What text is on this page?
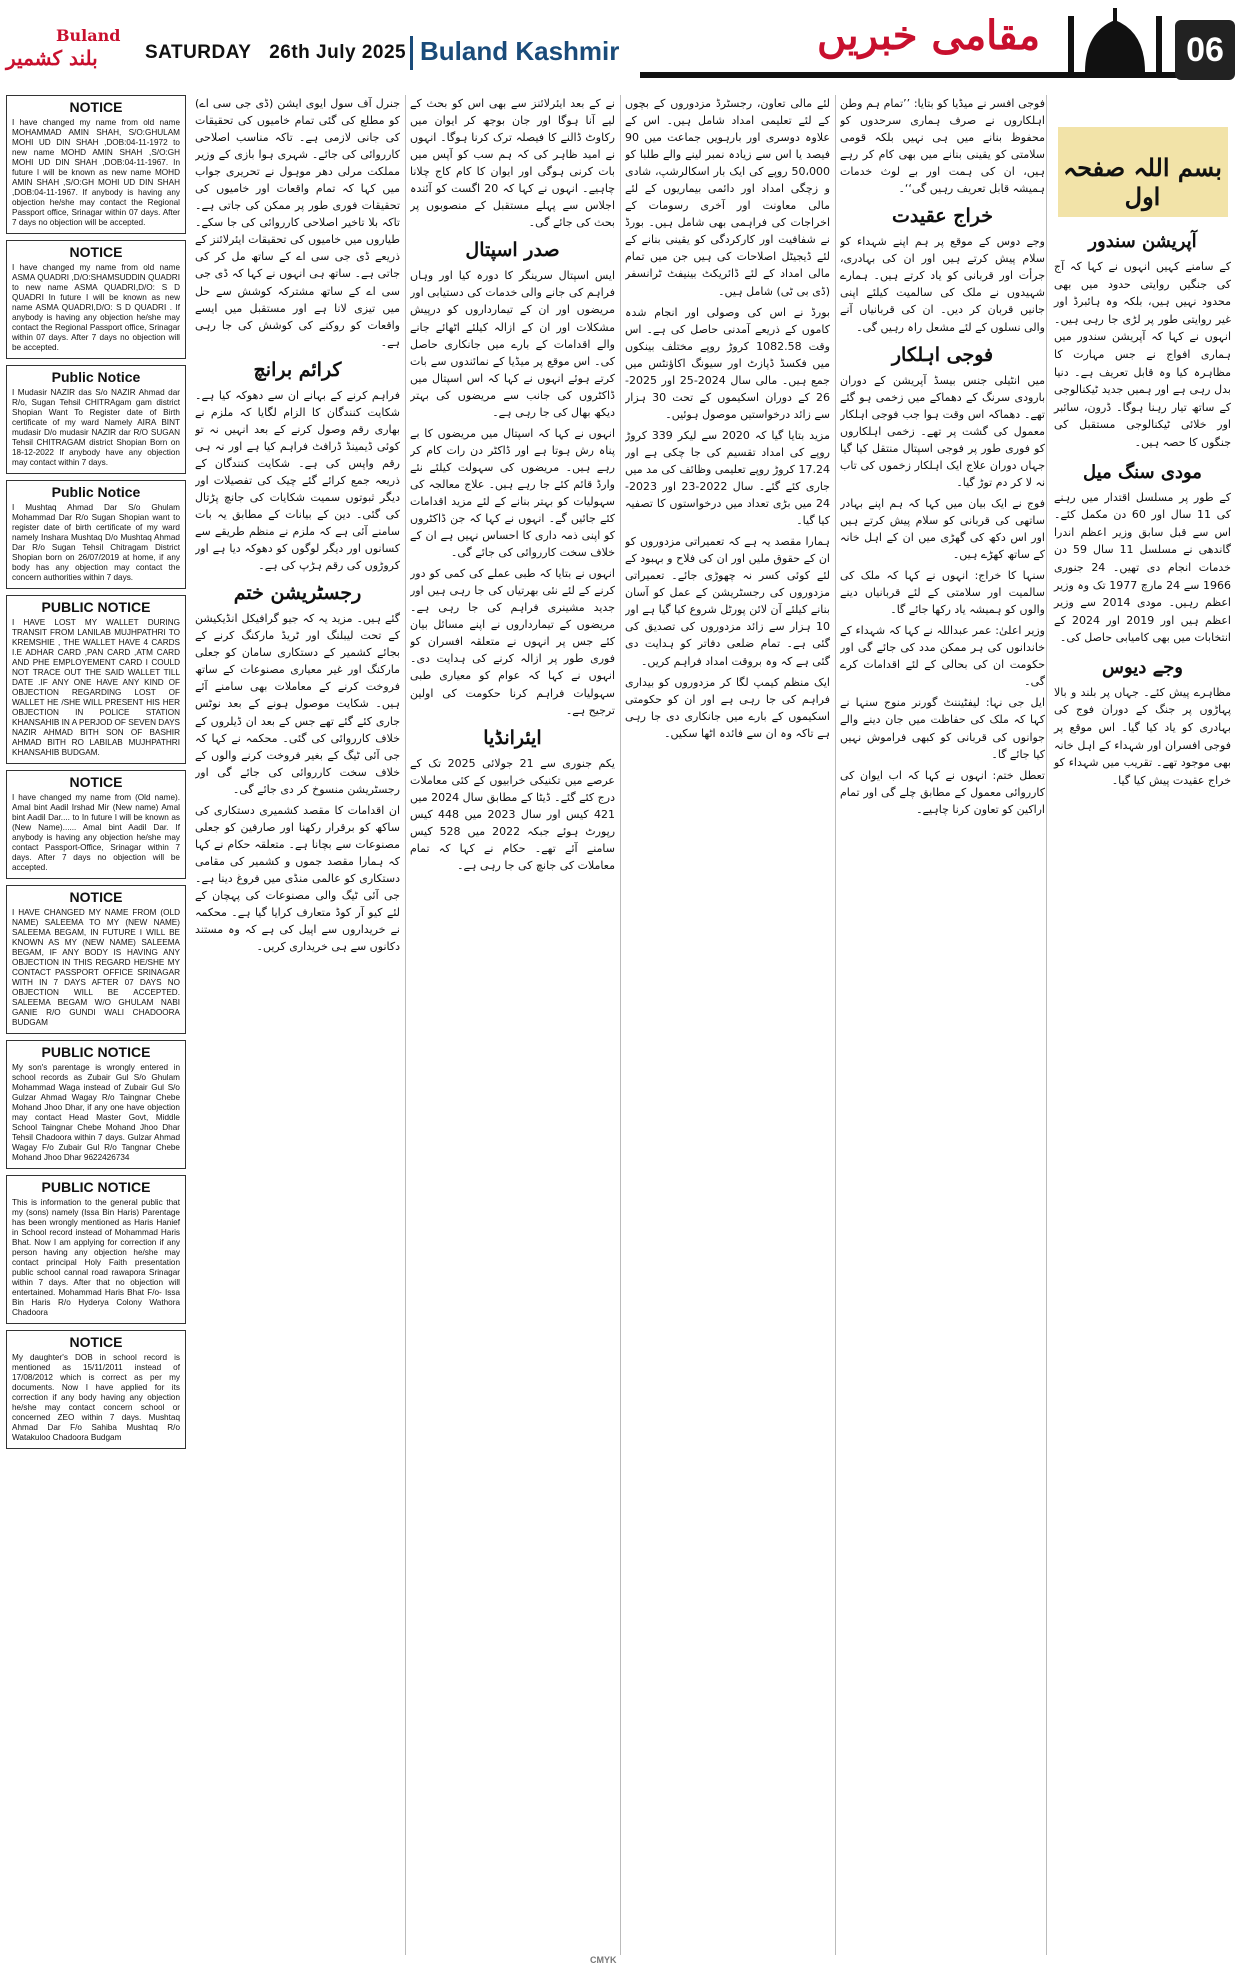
Buland
بلند کشمیر SATURDAY 26th July 2025 Buland Kashmir	مقامی خبریں	06
NOTICE

I have changed my name from old name MOHAMMAD AMIN SHAH, S/O:GHULAM MOHI UD DIN SHAH ,DOB:04-11-1972 to new name MOHD AMIN SHAH ,S/O:GH MOHI UD DIN SHAH ,DOB:04-11-1967. In future I will be known as new name MOHD AMIN SHAH ,S/O:GH MOHI UD DIN SHAH ,DOB:04-11-1967. If anybody is having any objection he/she may contact the Regional Passport office, Srinagar within 07 days. After 7 days no objection will be accepted.

NOTICE

I have changed my name from old name ASMA QUADRI ,D/O:SHAMSUDDIN QUADRI to new name ASMA QUADRI,D/O: S D QUADRI In future I will be known as new name ASMA QUADRI,D/O: S D QUADRI . If anybody is having any objection he/she may contact the Regional Passport office, Srinagar within 07 days. After 7 days no objection will be accepted.

Public Notice

I Mudasir NAZIR das S/o NAZIR Ahmad dar R/o, Sugan Tehsil CHITRAgam gam district Shopian Want To Register date of Birth certificate of my ward Namely AIRA BINT mudasir D/o mudasir NAZIR dar R/O SUGAN Tehsil CHITRAGAM district Shopian Born on 18-12-2022 If anybody have any objection may contact within 7 days.

Public Notice

I Mushtaq Ahmad Dar S/o Ghulam Mohammad Dar R/o Sugan Shopian want to register date of birth certificate of my ward namely Inshara Mushtaq D/o Mushtaq Ahmad Dar R/o Sugan Tehsil Chitragam District Shopian born on 26/07/2019 at home, if any body has any objection may contact the concern authorities within 7 days.

PUBLIC NOTICE

I HAVE LOST MY WALLET DURING TRANSIT FROM LANILAB MUJHPATHRI TO KREMSHIE , THE WALLET HAVE 4 CARDS I.E ADHAR CARD ,PAN CARD ,ATM CARD AND PHE EMPLOYEMENT CARD I COULD NOT TRACE OUT THE SAID WALLET TILL DATE .IF ANY ONE HAVE ANY KIND OF OBJECTION REGARDING LOST OF WALLET HE /SHE WILL PRESENT HIS HER OBJECTION IN POLICE STATION KHANSAHIB IN A PERJOD OF SEVEN DAYS NAZIR AHMAD BITH SON OF BASHIR AHMAD BITH RO LABILAB MUJHPATHRI KHANSAHIB BUDGAM.

NOTICE

I have changed my name from (Old name). Amal bint Aadil Irshad Mir (New name) Amal bint Aadil Dar.... to In future I will be known as (New Name)...... Amal bint Aadil Dar. If anybody is having any objection he/she may contact Passport-Office, Srinagar within 7 days. After 7 days no objection will be accepted.

NOTICE

I HAVE CHANGED MY NAME FROM (OLD NAME) SALEEMA TO MY (NEW NAME) SALEEMA BEGAM, IN FUTURE I WILL BE KNOWN AS MY (NEW NAME) SALEEMA BEGAM, IF ANY BODY IS HAVING ANY OBJECTION IN THIS REGARD HE/SHE MY CONTACT PASSPORT OFFICE SRINAGAR WITH IN 7 DAYS AFTER 07 DAYS NO OBJECTION WILL BE ACCEPTED. SALEEMA BEGAM W/O GHULAM NABI GANIE R/O GUNDI WALI CHADOORA BUDGAM

PUBLIC NOTICE

My son's parentage is wrongly entered in school records as Zubair Gul S/o Ghulam Mohammad Waga instead of Zubair Gul S/o Gulzar Ahmad Wagay R/o Taingnar Chebe Mohand Jhoo Dhar, if any one have objection may contact Head Master Govt, Middle School Taingnar Chebe Mohand Jhoo Dhar Tehsil Chadoora within 7 days. Gulzar Ahmad Wagay F/o Zubair Gul R/o Tangnar Chebe Mohand Jhoo Dhar 9622426734

PUBLIC NOTICE

This is information to the general public that my (sons) namely (Issa Bin Haris) Parentage has been wrongly mentioned as Haris Hanief in School record instead of Mohammad Haris Bhat. Now I am applying for correction if any person having any objection he/she may contact principal Holy Faith presentation public school cannal road rawapora Srinagar within 7 days. After that no objection will entertained. Mohammad Haris Bhat F/o- Issa Bin Haris R/o Hyderya Colony Wathora Chadoora

NOTICE

My daughter's DOB in school record is mentioned as 15/11/2011 instead of 17/08/2012 which is correct as per my documents. Now I have applied for its correction if any body having any objection he/she may contact concern school or concerned ZEO within 7 days. Mushtaq Ahmad Dar F/o Sahiba Mushtaq R/o Watakuloo Chadoora Budgam

جنرل آف سول ایوی ایشن (ڈی جی سی اے) کو مطلع کی گئی تمام خامیوں کی تحقیقات کی جانی لازمی ہے۔ تاکہ مناسب اصلاحی کارروائی کی جائے۔ شہری ہوا بازی کے وزیر مملکت مرلی دھر موہول نے تحریری جواب میں کہا کہ تمام واقعات اور خامیوں کی تحقیقات فوری طور پر ممکن کی جاتی ہے۔ تاکہ بلا تاخیر اصلاحی کارروائی کی جا سکے۔ طیاروں میں خامیوں کی تحقیقات ایئرلائنز کے ذریعے ڈی جی سی اے کے ساتھ مل کر کی جاتی ہے۔ ساتھ ہی انہوں نے کہا کہ ڈی جی سی اے کے ساتھ مشترکہ کوشش سے حل میں تیزی لانا ہے اور مستقبل میں ایسے واقعات کو روکنے کی کوشش کی جا رہی ہے۔

کرائم برانچ

فراہم کرنے کے بہانے ان سے دھوکہ کیا ہے۔ شکایت کنندگان کا الزام لگایا کہ ملزم نے بھاری رقم وصول کرنے کے بعد انہیں نہ تو کوئی ڈیمینڈ ڈرافٹ فراہم کیا ہے اور نہ ہی رقم واپس کی ہے۔ شکایت کنندگان کے ذریعہ جمع کرائے گئے چیک کی تفصیلات اور دیگر ثبوتوں سمیت شکایات کی جانچ پڑتال کی گئی۔ دین کے بیانات کے مطابق یہ بات سامنے آئی ہے کہ ملزم نے منظم طریقے سے کسانوں اور دیگر لوگوں کو دھوکہ دیا ہے اور کروڑوں کی رقم ہڑپ کی ہے۔

رجسٹریشن ختم

گئے ہیں۔ مزید یہ کہ جیو گرافیکل انڈیکیشن کے تحت لیبلنگ اور ٹریڈ مارکنگ کرنے کے بجائے کشمیر کے دستکاری سامان کو جعلی مارکنگ اور غیر معیاری مصنوعات کے ساتھ فروخت کرنے کے معاملات بھی سامنے آئے ہیں۔ شکایت موصول ہونے کے بعد نوٹس جاری کئے گئے تھے جس کے بعد ان ڈیلروں کے خلاف کارروائی کی گئی۔ محکمہ نے کہا کہ جی آئی ٹیگ کے بغیر فروخت کرنے والوں کے خلاف سخت کارروائی کی جائے گی اور رجسٹریشن منسوخ کر دی جائے گی۔

ان اقدامات کا مقصد کشمیری دستکاری کی ساکھ کو برقرار رکھنا اور صارفین کو جعلی مصنوعات سے بچانا ہے۔ متعلقہ حکام نے کہا کہ ہمارا مقصد جموں و کشمیر کی مقامی دستکاری کو عالمی منڈی میں فروغ دینا ہے۔ جی آئی ٹیگ والی مصنوعات کی پہچان کے لئے کیو آر کوڈ متعارف کرایا گیا ہے۔ محکمہ نے خریداروں سے اپیل کی ہے کہ وہ مستند دکانوں سے ہی خریداری کریں۔

نے کے بعد ایئرلائنز سے بھی اس کو بحث کے لیے آنا ہوگا اور جان بوجھ کر ایوان میں رکاوٹ ڈالنے کا فیصلہ ترک کرنا ہوگا۔ انہوں نے امید ظاہر کی کہ ہم سب کو آپس میں بات کرنی ہوگی اور ایوان کا کام کاج چلانا چاہیے۔ انہوں نے کہا کہ 20 اگست کو آئندہ اجلاس سے پہلے مستقبل کے منصوبوں پر بحث کی جائے گی۔

صدر اسپتال

ایس اسپتال سرینگر کا دورہ کیا اور وہاں فراہم کی جانے والی خدمات کی دستیابی اور مریضوں اور ان کے تیمارداروں کو درپیش مشکلات اور ان کے ازالہ کیلئے اٹھائے جانے والے اقدامات کے بارے میں جانکاری حاصل کی۔ اس موقع پر میڈیا کے نمائندوں سے بات کرتے ہوئے انہوں نے کہا کہ اس اسپتال میں ڈاکٹروں کی جانب سے مریضوں کی بہتر دیکھ بھال کی جا رہی ہے۔

انہوں نے کہا کہ اسپتال میں مریضوں کا بے پناہ رش ہوتا ہے اور ڈاکٹر دن رات کام کر رہے ہیں۔ مریضوں کی سہولت کیلئے نئے وارڈ قائم کئے جا رہے ہیں۔ علاج معالجہ کی سہولیات کو بہتر بنانے کے لئے مزید اقدامات کئے جائیں گے۔ انہوں نے کہا کہ جن ڈاکٹروں کو اپنی ذمہ داری کا احساس نہیں ہے ان کے خلاف سخت کارروائی کی جائے گی۔

انہوں نے بتایا کہ طبی عملے کی کمی کو دور کرنے کے لئے نئی بھرتیاں کی جا رہی ہیں اور جدید مشینری فراہم کی جا رہی ہے۔ مریضوں کے تیمارداروں نے اپنے مسائل بیان کئے جس پر انہوں نے متعلقہ افسران کو فوری طور پر ازالہ کرنے کی ہدایت دی۔ انہوں نے کہا کہ عوام کو معیاری طبی سہولیات فراہم کرنا حکومت کی اولین ترجیح ہے۔

ایئرانڈیا

یکم جنوری سے 21 جولائی 2025 تک کے عرصے میں تکنیکی خرابیوں کے کئی معاملات درج کئے گئے۔ ڈیٹا کے مطابق سال 2024 میں 421 کیس اور سال 2023 میں 448 کیس رپورٹ ہوئے جبکہ 2022 میں 528 کیس سامنے آئے تھے۔ حکام نے کہا کہ تمام معاملات کی جانچ کی جا رہی ہے۔

لئے مالی تعاون، رجسٹرڈ مزدوروں کے بچوں کے لئے تعلیمی امداد شامل ہیں۔ اس کے علاوہ دوسری اور بارہویں جماعت میں 90 فیصد یا اس سے زیادہ نمبر لینے والے طلبا کو 50،000 روپے کی ایک بار اسکالرشپ، شادی و زچگی امداد اور دائمی بیماریوں کے لئے مالی معاونت اور آخری رسومات کے اخراجات کی فراہمی بھی شامل ہیں۔ بورڈ نے شفافیت اور کارکردگی کو یقینی بنانے کے لئے ڈیجیٹل اصلاحات کی ہیں جن میں تمام مالی امداد کے لئے ڈائریکٹ بینیفٹ ٹرانسفر (ڈی بی ٹی) شامل ہیں۔

بورڈ نے اس کی وصولی اور انجام شدہ کاموں کے ذریعے آمدنی حاصل کی ہے۔ اس وقت 1082.58 کروڑ روپے مختلف بینکوں میں فکسڈ ڈپازٹ اور سیونگ اکاؤنٹس میں جمع ہیں۔ مالی سال 2024-25 اور 2025-26 کے دوران اسکیموں کے تحت 30 ہزار سے زائد درخواستیں موصول ہوئیں۔

مزید بتایا گیا کہ 2020 سے لیکر 339 کروڑ روپے کی امداد تقسیم کی جا چکی ہے اور 17.24 کروڑ روپے تعلیمی وظائف کی مد میں جاری کئے گئے۔ سال 2022-23 اور 2023-24 میں بڑی تعداد میں درخواستوں کا تصفیہ کیا گیا۔

ہمارا مقصد یہ ہے کہ تعمیراتی مزدوروں کو ان کے حقوق ملیں اور ان کی فلاح و بہبود کے لئے کوئی کسر نہ چھوڑی جائے۔ تعمیراتی مزدوروں کی رجسٹریشن کے عمل کو آسان بنانے کیلئے آن لائن پورٹل شروع کیا گیا ہے اور 10 ہزار سے زائد مزدوروں کی تصدیق کی گئی ہے۔ تمام ضلعی دفاتر کو ہدایت دی گئی ہے کہ وہ بروقت امداد فراہم کریں۔

ایک منظم کیمپ لگا کر مزدوروں کو بیداری فراہم کی جا رہی ہے اور ان کو حکومتی اسکیموں کے بارے میں جانکاری دی جا رہی ہے تاکہ وہ ان سے فائدہ اٹھا سکیں۔

فوجی افسر نے میڈیا کو بتایا: ’’تمام ہم وطن اہلکاروں نے صرف ہماری سرحدوں کو محفوظ بنانے میں ہی نہیں بلکہ قومی سلامتی کو یقینی بنانے میں بھی کام کر رہے ہیں، ان کی ہمت اور بے لوث خدمات ہمیشہ قابل تعریف رہیں گی‘‘۔

خراج عقیدت

وجے دوس کے موقع پر ہم اپنے شہداء کو سلام پیش کرتے ہیں اور ان کی بہادری، جرأت اور قربانی کو یاد کرتے ہیں۔ ہمارے شہیدوں نے ملک کی سالمیت کیلئے اپنی جانیں قربان کر دیں۔ ان کی قربانیاں آنے والی نسلوں کے لئے مشعل راہ رہیں گی۔

فوجی اہلکار

میں انٹیلی جنس بیسڈ آپریشن کے دوران بارودی سرنگ کے دھماکے میں زخمی ہو گئے تھے۔ دھماکہ اس وقت ہوا جب فوجی اہلکار معمول کی گشت پر تھے۔ زخمی اہلکاروں کو فوری طور پر فوجی اسپتال منتقل کیا گیا جہاں دوران علاج ایک اہلکار زخموں کی تاب نہ لا کر دم توڑ گیا۔

فوج نے ایک بیان میں کہا کہ ہم اپنے بہادر ساتھی کی قربانی کو سلام پیش کرتے ہیں اور اس دکھ کی گھڑی میں ان کے اہل خانہ کے ساتھ کھڑے ہیں۔

سنہا کا خراج: انہوں نے کہا کہ ملک کی سالمیت اور سلامتی کے لئے قربانیاں دینے والوں کو ہمیشہ یاد رکھا جائے گا۔

وزیر اعلیٰ: عمر عبداللہ نے کہا کہ شہداء کے خاندانوں کی ہر ممکن مدد کی جائے گی اور حکومت ان کی بحالی کے لئے اقدامات کرے گی۔

ایل جی نہا: لیفٹیننٹ گورنر منوج سنہا نے کہا کہ ملک کی حفاظت میں جان دینے والے جوانوں کی قربانی کو کبھی فراموش نہیں کیا جائے گا۔

تعطل ختم: انہوں نے کہا کہ اب ایوان کی کارروائی معمول کے مطابق چلے گی اور تمام اراکین کو تعاون کرنا چاہیے۔

بسم اللہ صفحہ اول
آپریشن سندور
کے سامنے کہیں انہوں نے کہا کہ آج کی جنگیں روایتی حدود میں بھی محدود نہیں ہیں، بلکہ وہ ہائبرڈ اور غیر روایتی طور پر لڑی جا رہی ہیں۔ انہوں نے کہا کہ آپریشن سندور میں ہماری افواج نے جس مہارت کا مظاہرہ کیا وہ قابل تعریف ہے۔ دنیا بدل رہی ہے اور ہمیں جدید ٹیکنالوجی کے ساتھ تیار رہنا ہوگا۔ ڈرون، سائبر اور خلائی ٹیکنالوجی مستقبل کی جنگوں کا حصہ ہیں۔
مودی سنگ میل
کے طور پر مسلسل اقتدار میں رہنے کی 11 سال اور 60 دن مکمل کئے۔ اس سے قبل سابق وزیر اعظم اندرا گاندھی نے مسلسل 11 سال 59 دن خدمات انجام دی تھیں۔ 24 جنوری 1966 سے 24 مارچ 1977 تک وہ وزیر اعظم رہیں۔ مودی 2014 سے وزیر اعظم ہیں اور 2019 اور 2024 کے انتخابات میں بھی کامیابی حاصل کی۔
وجے دیوس
مظاہرے پیش کئے۔ جہاں پر بلند و بالا پہاڑوں پر جنگ کے دوران فوج کی بہادری کو یاد کیا گیا۔ اس موقع پر فوجی افسران اور شہداء کے اہل خانہ بھی موجود تھے۔ تقریب میں شہداء کو خراج عقیدت پیش کیا گیا۔
CMYK
